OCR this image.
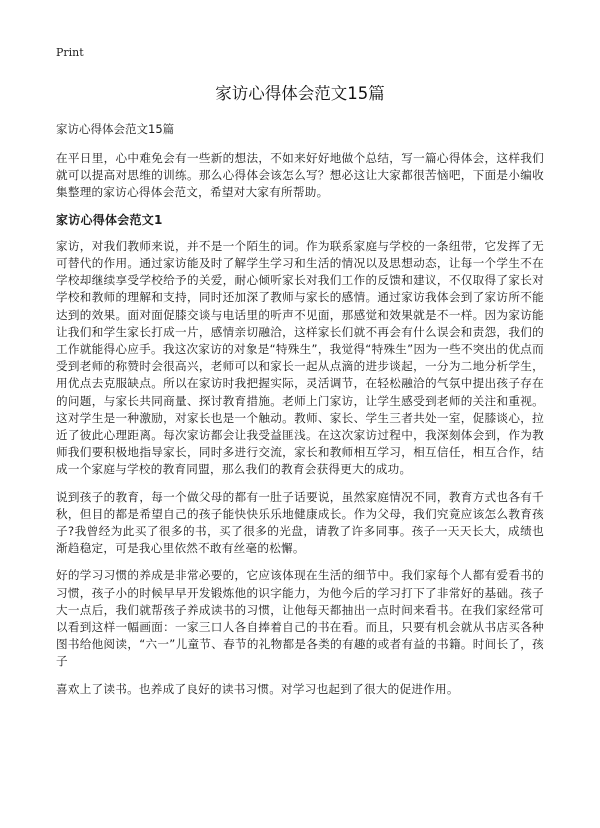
Print
家访心得体会范文15篇
家访心得体会范文15篇

在平日里，心中难免会有一些新的想法，不如来好好地做个总结，写一篇心得体会，这样我们就可以提高对思维的训练。那么心得体会该怎么写？想必这让大家都很苦恼吧，下面是小编收集整理的家访心得体会范文，希望对大家有所帮助。

家访心得体会范文1

家访，对我们教师来说，并不是一个陌生的词。作为联系家庭与学校的一条纽带，它发挥了无可替代的作用。通过家访能及时了解学生学习和生活的情况以及思想动态，让每一个学生不在学校却继续享受学校给予的关爱，耐心倾听家长对我们工作的反馈和建议，不仅取得了家长对学校和教师的理解和支持，同时还加深了教师与家长的感情。通过家访我体会到了家访所不能达到的效果。面对面促膝交谈与电话里的听声不见面，那感觉和效果就是不一样。因为家访能让我们和学生家长打成一片，感情亲切融洽，这样家长们就不再会有什么误会和责怨，我们的工作就能得心应手。我这次家访的对象是“特殊生”，我觉得“特殊生”因为一些不突出的优点而受到老师的称赞时会很高兴，老师可以和家长一起从点滴的进步谈起，一分为二地分析学生，用优点去克服缺点。所以在家访时我把握实际，灵活调节，在轻松融洽的气氛中提出孩子存在的问题，与家长共同商量、探讨教育措施。老师上门家访，让学生感受到老师的关注和重视。这对学生是一种激励，对家长也是一个触动。教师、家长、学生三者共处一室，促膝谈心，拉近了彼此心理距离。每次家访都会让我受益匪浅。在这次家访过程中，我深刻体会到，作为教师我们要积极地指导家长，同时多进行交流，家长和教师相互学习，相互信任，相互合作，结成一个家庭与学校的教育同盟，那么我们的教育会获得更大的成功。

说到孩子的教育，每一个做父母的都有一肚子话要说，虽然家庭情况不同，教育方式也各有千秋，但目的都是希望自己的孩子能快快乐乐地健康成长。作为父母，我们究竟应该怎么教育孩子?我曾经为此买了很多的书，买了很多的光盘，请教了许多同事。孩子一天天长大，成绩也渐趋稳定，可是我心里依然不敢有丝毫的松懈。

好的学习习惯的养成是非常必要的，它应该体现在生活的细节中。我们家每个人都有爱看书的习惯，孩子小的时候早早开发锻炼他的识字能力，为他今后的学习打下了非常好的基础。孩子大一点后，我们就帮孩子养成读书的习惯，让他每天都抽出一点时间来看书。在我们家经常可以看到这样一幅画面：一家三口人各自捧着自己的书在看。而且，只要有机会就从书店买各种图书给他阅读，“六一”儿童节、春节的礼物都是各类的有趣的或者有益的书籍。时间长了，孩子

喜欢上了读书。也养成了良好的读书习惯。对学习也起到了很大的促进作用。
